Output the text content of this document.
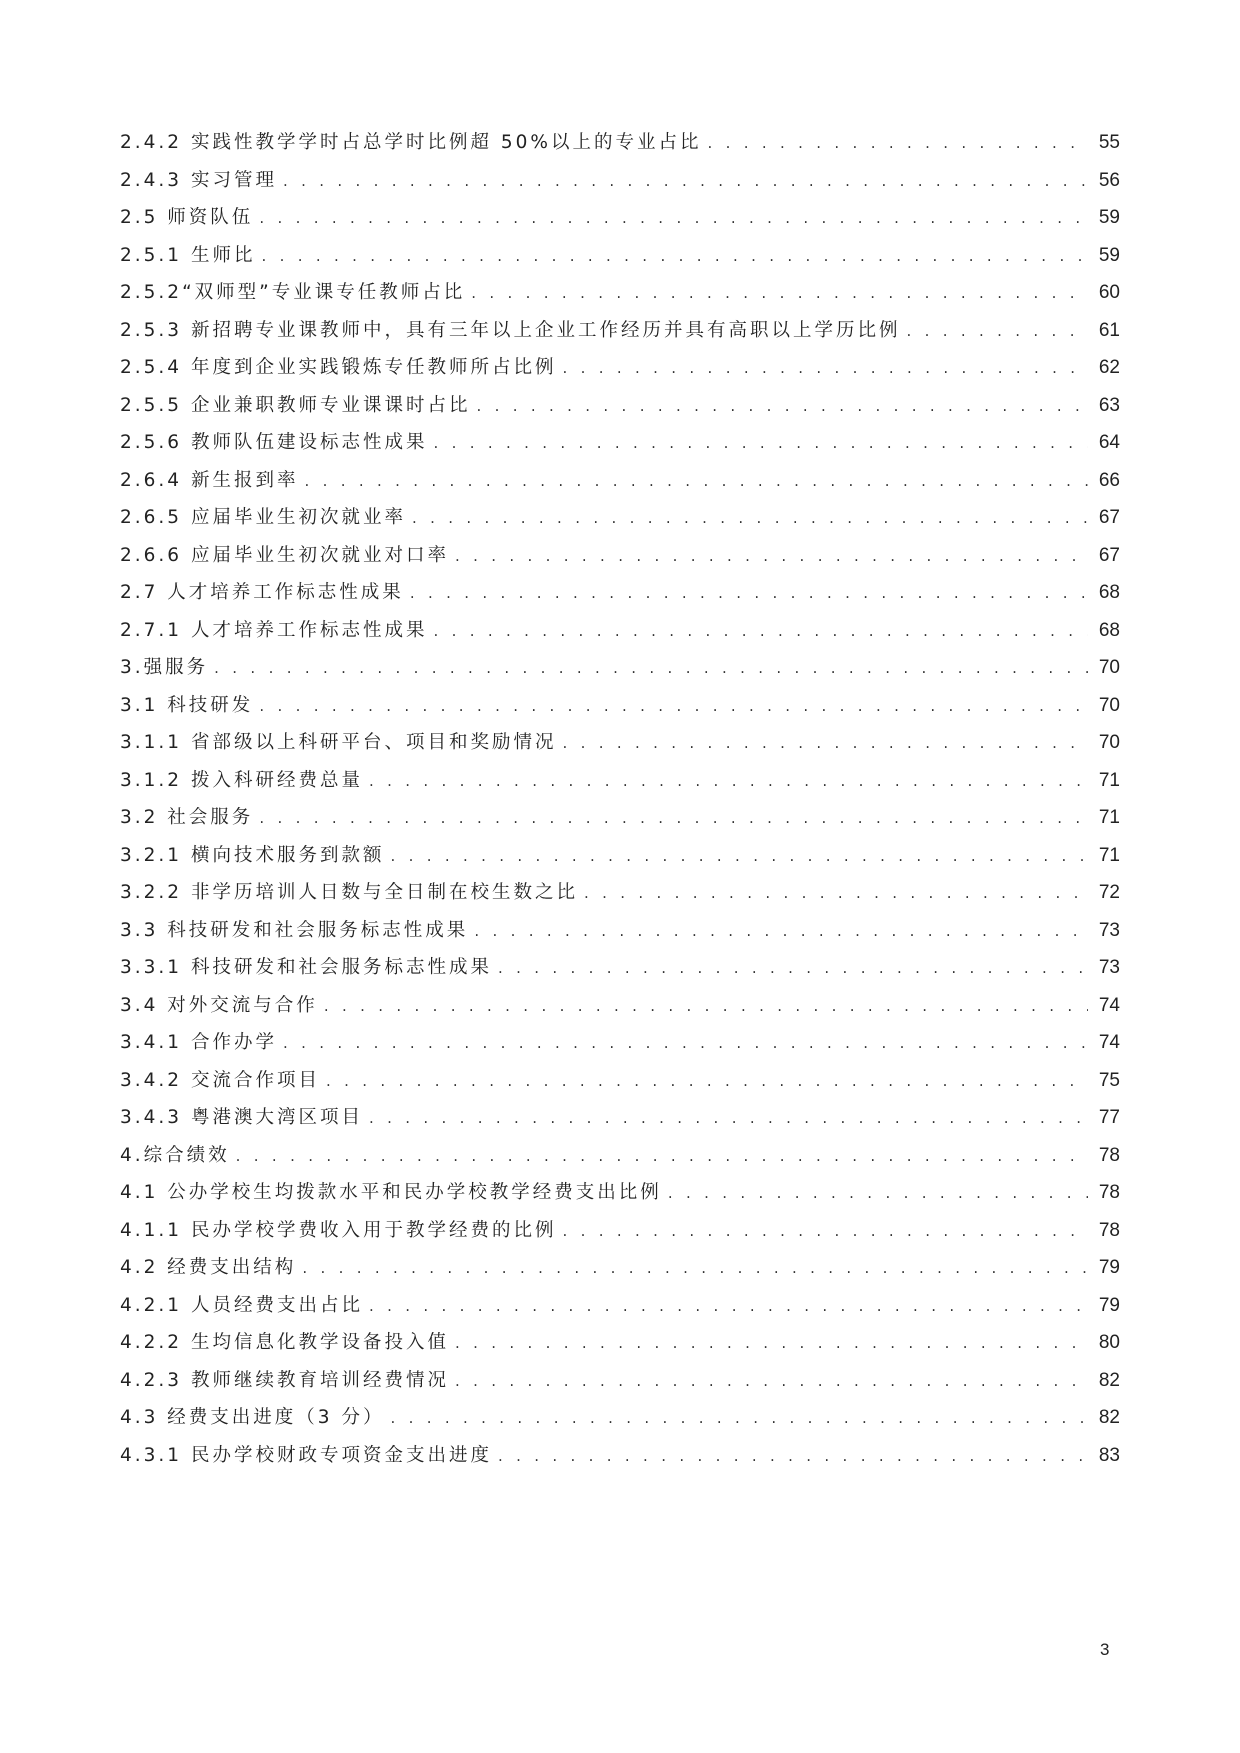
2.4.2 实践性教学学时占总学时比例超 50%以上的专业占比 . . .	55
2.4.3 实习管理 . . .	56
2.5 师资队伍 . . .	59
2.5.1 生师比 . . .	59
2.5.2“双师型”专业课专任教师占比 . . .	60
2.5.3 新招聘专业课教师中，具有三年以上企业工作经历并具有高职以上学历比例 . . .	61
2.5.4 年度到企业实践锻炼专任教师所占比例 . . .	62
2.5.5 企业兼职教师专业课课时占比 . . .	63
2.5.6 教师队伍建设标志性成果 . . .	64
2.6.4 新生报到率 . . .	66
2.6.5 应届毕业生初次就业率 . . .	67
2.6.6 应届毕业生初次就业对口率 . . .	67
2.7 人才培养工作标志性成果 . . .	68
2.7.1 人才培养工作标志性成果 . . .	68
3.强服务 . . .	70
3.1 科技研发 . . .	70
3.1.1 省部级以上科研平台、项目和奖励情况 . . .	70
3.1.2 拨入科研经费总量 . . .	71
3.2 社会服务 . . .	71
3.2.1 横向技术服务到款额 . . .	71
3.2.2 非学历培训人日数与全日制在校生数之比 . . .	72
3.3 科技研发和社会服务标志性成果 . . .	73
3.3.1 科技研发和社会服务标志性成果 . . .	73
3.4 对外交流与合作 . . .	74
3.4.1 合作办学 . . .	74
3.4.2 交流合作项目 . . .	75
3.4.3 粤港澳大湾区项目 . . .	77
4.综合绩效 . . .	78
4.1 公办学校生均拨款水平和民办学校教学经费支出比例 . . .	78
4.1.1 民办学校学费收入用于教学经费的比例 . . .	78
4.2 经费支出结构 . . .	79
4.2.1 人员经费支出占比 . . .	79
4.2.2 生均信息化教学设备投入值 . . .	80
4.2.3 教师继续教育培训经费情况 . . .	82
4.3 经费支出进度（3 分） . . .	82
4.3.1 民办学校财政专项资金支出进度 . . .	83
3
